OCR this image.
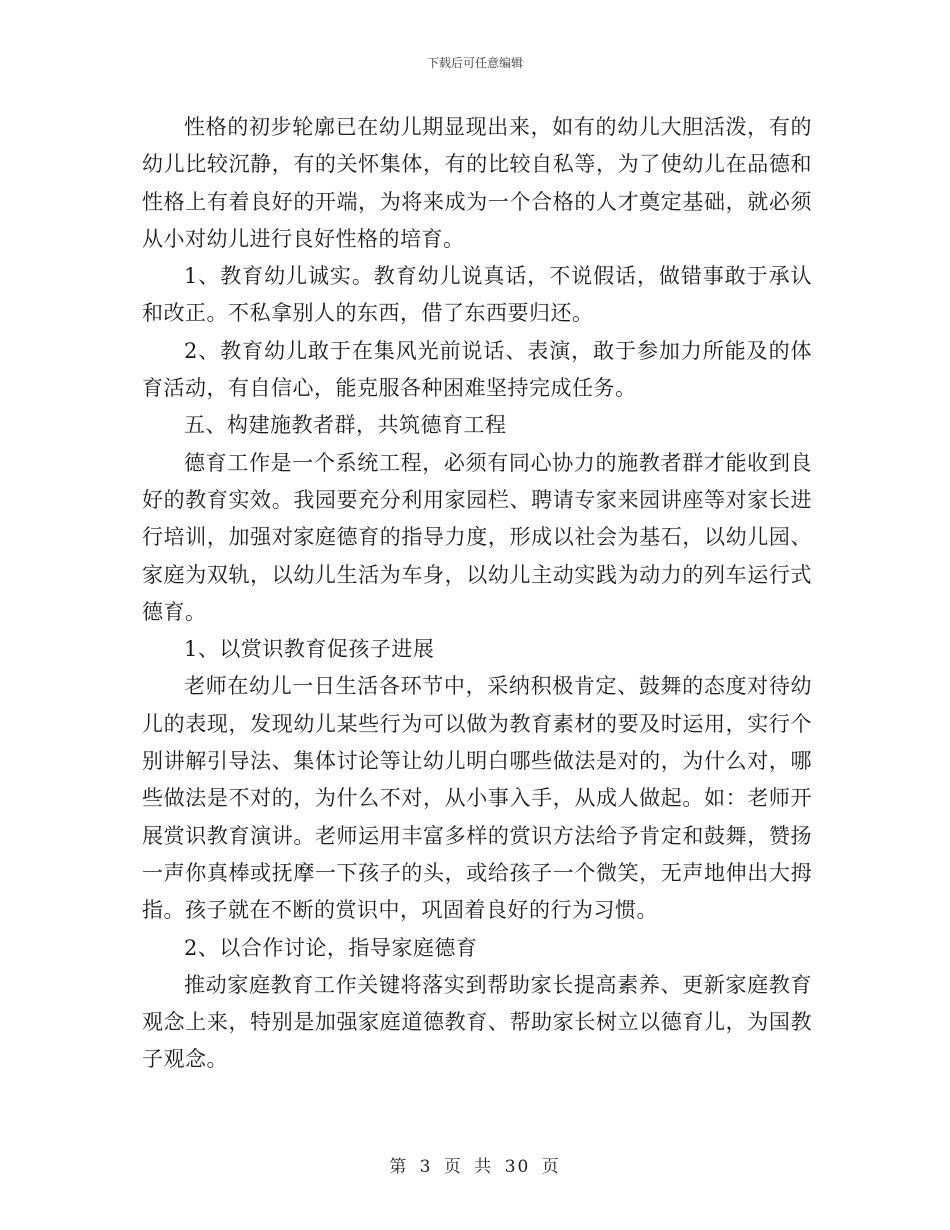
下载后可任意编辑

性格的初步轮廓已在幼儿期显现出来，如有的幼儿大胆活泼，有的幼儿比较沉静，有的关怀集体，有的比较自私等，为了使幼儿在品德和性格上有着良好的开端，为将来成为一个合格的人才奠定基础，就必须从小对幼儿进行良好性格的培育。

1、教育幼儿诚实。教育幼儿说真话，不说假话，做错事敢于承认和改正。不私拿别人的东西，借了东西要归还。

2、教育幼儿敢于在集风光前说话、表演，敢于参加力所能及的体育活动，有自信心，能克服各种困难坚持完成任务。

五、构建施教者群，共筑德育工程

德育工作是一个系统工程，必须有同心协力的施教者群才能收到良好的教育实效。我园要充分利用家园栏、聘请专家来园讲座等对家长进行培训，加强对家庭德育的指导力度，形成以社会为基石，以幼儿园、家庭为双轨，以幼儿生活为车身，以幼儿主动实践为动力的列车运行式德育。

1、以赏识教育促孩子进展

老师在幼儿一日生活各环节中，采纳积极肯定、鼓舞的态度对待幼儿的表现，发现幼儿某些行为可以做为教育素材的要及时运用，实行个别讲解引导法、集体讨论等让幼儿明白哪些做法是对的，为什么对，哪些做法是不对的，为什么不对，从小事入手，从成人做起。如：老师开展赏识教育演讲。老师运用丰富多样的赏识方法给予肯定和鼓舞，赞扬一声你真棒或抚摩一下孩子的头，或给孩子一个微笑，无声地伸出大拇指。孩子就在不断的赏识中，巩固着良好的行为习惯。

2、以合作讨论，指导家庭德育

推动家庭教育工作关键将落实到帮助家长提高素养、更新家庭教育观念上来，特别是加强家庭道德教育、帮助家长树立以德育儿，为国教子观念。

第 3 页 共 30 页
